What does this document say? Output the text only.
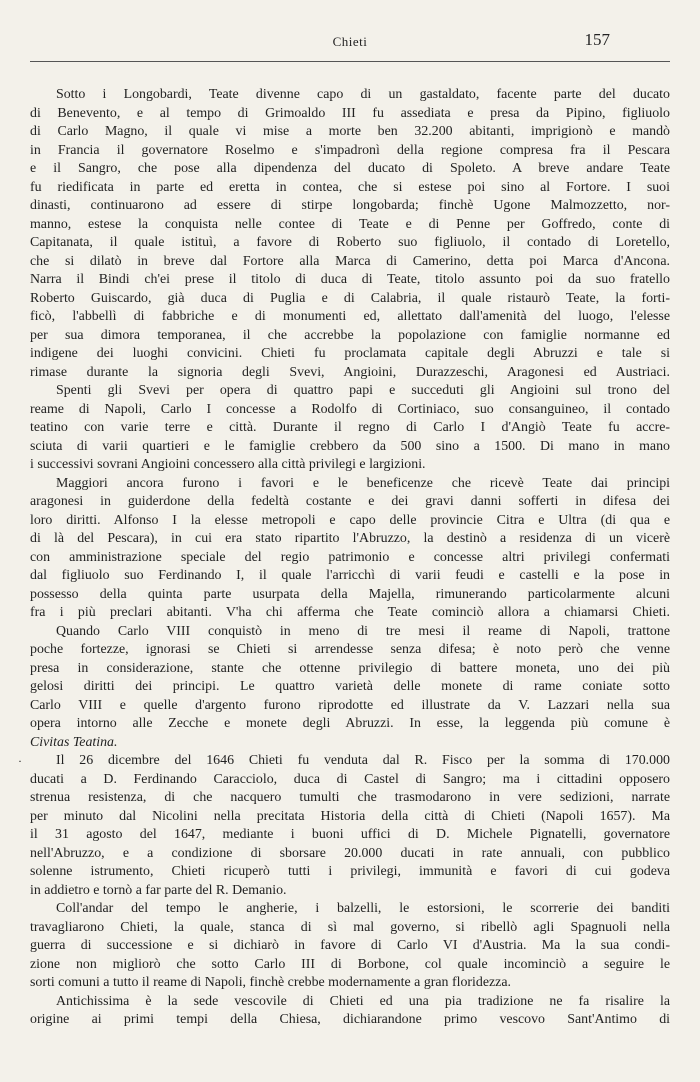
Chieti	157
Sotto i Longobardi, Teate divenne capo di un gastaldato, facente parte del ducato
di Benevento, e al tempo di Grimoaldo III fu assediata e presa da Pipino, figliuolo
di Carlo Magno, il quale vi mise a morte ben 32.200 abitanti, imprigionò e mandò
in Francia il governatore Roselmo e s'impadronì della regione compresa fra il Pescara
e il Sangro, che pose alla dipendenza del ducato di Spoleto. A breve andare Teate
fu riedificata in parte ed eretta in contea, che si estese poi sino al Fortore. I suoi
dinasti, continuarono ad essere di stirpe longobarda; finchè Ugone Malmozzetto, nor-
manno, estese la conquista nelle contee di Teate e di Penne per Goffredo, conte di
Capitanata, il quale istituì, a favore di Roberto suo figliuolo, il contado di Loretello,
che si dilatò in breve dal Fortore alla Marca di Camerino, detta poi Marca d'Ancona.
Narra il Bindi ch'ei prese il titolo di duca di Teate, titolo assunto poi da suo fratello
Roberto Guiscardo, già duca di Puglia e di Calabria, il quale ristaurò Teate, la forti-
ficò, l'abbellì di fabbriche e di monumenti ed, allettato dall'amenità del luogo, l'elesse
per sua dimora temporanea, il che accrebbe la popolazione con famiglie normanne ed
indigene dei luoghi convicini. Chieti fu proclamata capitale degli Abruzzi e tale si
rimase durante la signoria degli Svevi, Angioini, Durazzeschi, Aragonesi ed Austriaci.
Spenti gli Svevi per opera di quattro papi e succeduti gli Angioini sul trono del
reame di Napoli, Carlo I concesse a Rodolfo di Cortiniaco, suo consanguineo, il contado
teatino con varie terre e città. Durante il regno di Carlo I d'Angiò Teate fu accre-
sciuta di varii quartieri e le famiglie crebbero da 500 sino a 1500. Di mano in mano
i successivi sovrani Angioini concessero alla città privilegi e largizioni.
Maggiori ancora furono i favori e le beneficenze che ricevè Teate dai principi
aragonesi in guiderdone della fedeltà costante e dei gravi danni sofferti in difesa dei
loro diritti. Alfonso I la elesse metropoli e capo delle provincie Citra e Ultra (di qua e
di là del Pescara), in cui era stato ripartito l'Abruzzo, la destinò a residenza di un vicerè
con amministrazione speciale del regio patrimonio e concesse altri privilegi confermati
dal figliuolo suo Ferdinando I, il quale l'arricchì di varii feudi e castelli e la pose in
possesso della quinta parte usurpata della Majella, rimunerando particolarmente alcuni
fra i più preclari abitanti. V'ha chi afferma che Teate cominciò allora a chiamarsi Chieti.
Quando Carlo VIII conquistò in meno di tre mesi il reame di Napoli, trattone
poche fortezze, ignorasi se Chieti si arrendesse senza difesa; è noto però che venne
presa in considerazione, stante che ottenne privilegio di battere moneta, uno dei più
gelosi diritti dei principi. Le quattro varietà delle monete di rame coniate sotto
Carlo VIII e quelle d'argento furono riprodotte ed illustrate da V. Lazzari nella sua
opera intorno alle Zecche e monete degli Abruzzi. In esse, la leggenda più comune è
Civitas Teatina.
· Il 26 dicembre del 1646 Chieti fu venduta dal R. Fisco per la somma di 170.000
ducati a D. Ferdinando Caracciolo, duca di Castel di Sangro; ma i cittadini opposero
strenua resistenza, di che nacquero tumulti che trasmodarono in vere sedizioni, narrate
per minuto dal Nicolini nella precitata Historia della città di Chieti (Napoli 1657). Ma
il 31 agosto del 1647, mediante i buoni uffici di D. Michele Pignatelli, governatore
nell'Abruzzo, e a condizione di sborsare 20.000 ducati in rate annuali, con pubblico
solenne istrumento, Chieti ricuperò tutti i privilegi, immunità e favori di cui godeva
in addietro e tornò a far parte del R. Demanio.
Coll'andar del tempo le angherie, i balzelli, le estorsioni, le scorrerie dei banditi
travagliarono Chieti, la quale, stanca di sì mal governo, si ribellò agli Spagnuoli nella
guerra di successione e si dichiarò in favore di Carlo VI d'Austria. Ma la sua condi-
zione non migliorò che sotto Carlo III di Borbone, col quale incominciò a seguire le
sorti comuni a tutto il reame di Napoli, finchè crebbe modernamente a gran floridezza.
Antichissima è la sede vescovile di Chieti ed una pia tradizione ne fa risalire la
origine ai primi tempi della Chiesa, dichiarandone primo vescovo Sant'Antimo di
